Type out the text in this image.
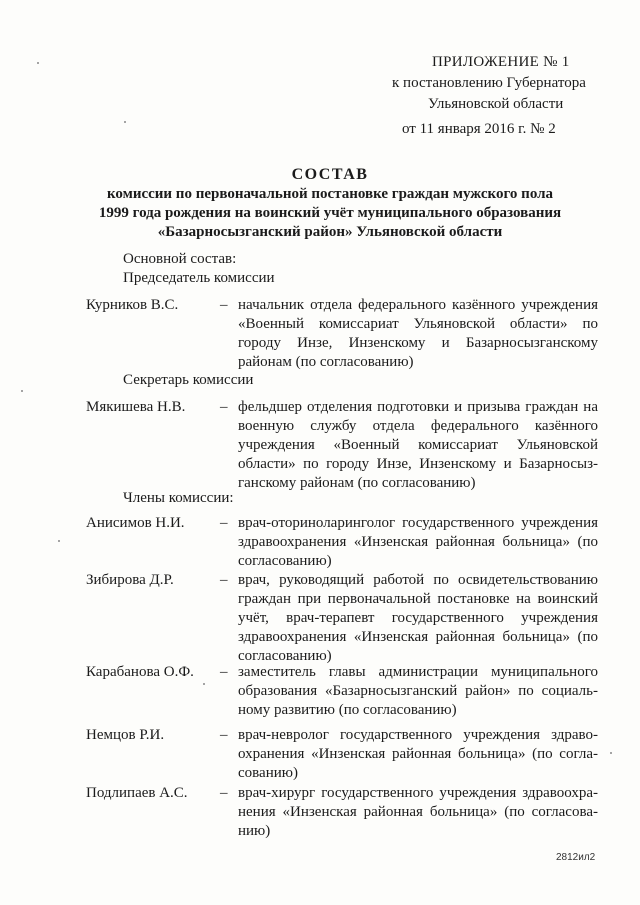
ПРИЛОЖЕНИЕ № 1
к постановлению Губернатора
Ульяновской области
от 11 января 2016 г. № 2
СОСТАВ
комиссии по первоначальной постановке граждан мужского пола
1999 года рождения на воинский учёт муниципального образования
«Базарносызганский район» Ульяновской области
Основной состав:
Председатель комиссии
Курников В.С.	– начальник отдела федерального казённого учреждения «Военный комиссариат Ульяновской области» по городу Инзе, Инзенскому и Базарносызганскому районам (по согласованию)
Секретарь комиссии
Мякишева Н.В.	– фельдшер отделения подготовки и призыва граждан на военную службу отдела федерального казённого учреждения «Военный комиссариат Ульяновской области» по городу Инзе, Инзенскому и Базарносыз-ганскому районам (по согласованию)
Члены комиссии:
Анисимов Н.И.	– врач-оториноларинголог государственного учреждения здравоохранения «Инзенская районная больница» (по согласованию)
Зибирова Д.Р.	– врач, руководящий работой по освидетельствованию граждан при первоначальной постановке на воинский учёт, врач-терапевт государственного учреждения здравоохранения «Инзенская районная больница» (по согласованию)
Карабанова О.Ф.	– заместитель главы администрации муниципального образования «Базарносызганский район» по социаль-ному развитию (по согласованию)
Немцов Р.И.	– врач-невролог государственного учреждения здраво-охранения «Инзенская районная больница» (по согла-сованию)
Подлипаев А.С.	– врач-хирург государственного учреждения здравоохра-нения «Инзенская районная больница» (по согласова-нию)
2812ил2
